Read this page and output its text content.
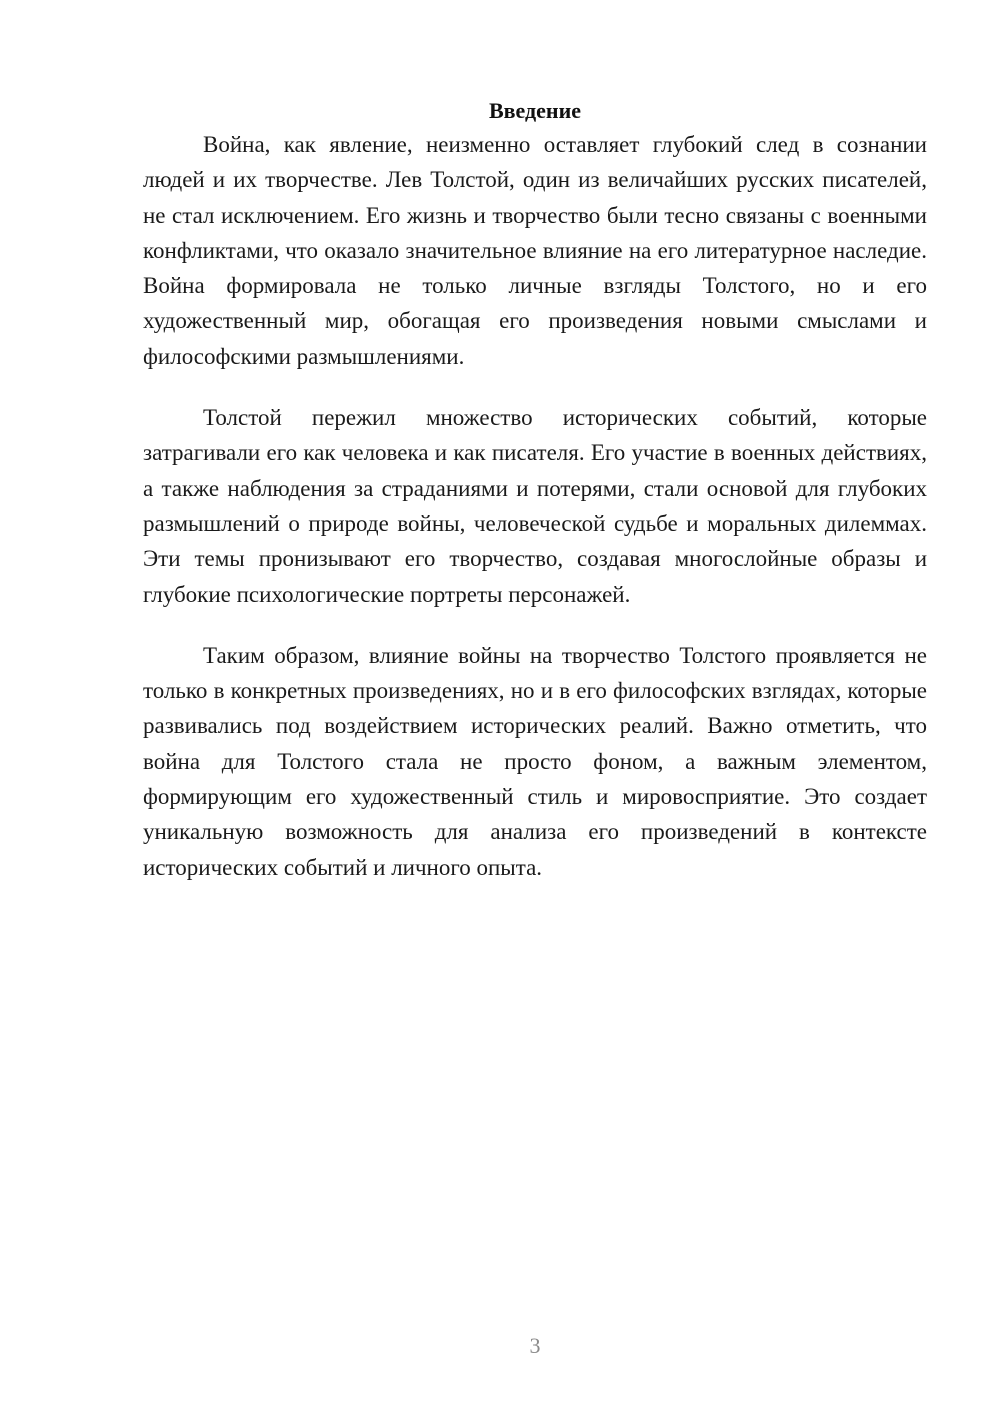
Введение

Война, как явление, неизменно оставляет глубокий след в сознании людей и их творчестве. Лев Толстой, один из величайших русских писателей, не стал исключением. Его жизнь и творчество были тесно связаны с военными конфликтами, что оказало значительное влияние на его литературное наследие. Война формировала не только личные взгляды Толстого, но и его художественный мир, обогащая его произведения новыми смыслами и философскими размышлениями.

Толстой пережил множество исторических событий, которые затрагивали его как человека и как писателя. Его участие в военных действиях, а также наблюдения за страданиями и потерями, стали основой для глубоких размышлений о природе войны, человеческой судьбе и моральных дилеммах. Эти темы пронизывают его творчество, создавая многослойные образы и глубокие психологические портреты персонажей.

Таким образом, влияние войны на творчество Толстого проявляется не только в конкретных произведениях, но и в его философских взглядах, которые развивались под воздействием исторических реалий. Важно отметить, что война для Толстого стала не просто фоном, а важным элементом, формирующим его художественный стиль и мировосприятие. Это создает уникальную возможность для анализа его произведений в контексте исторических событий и личного опыта.

3
